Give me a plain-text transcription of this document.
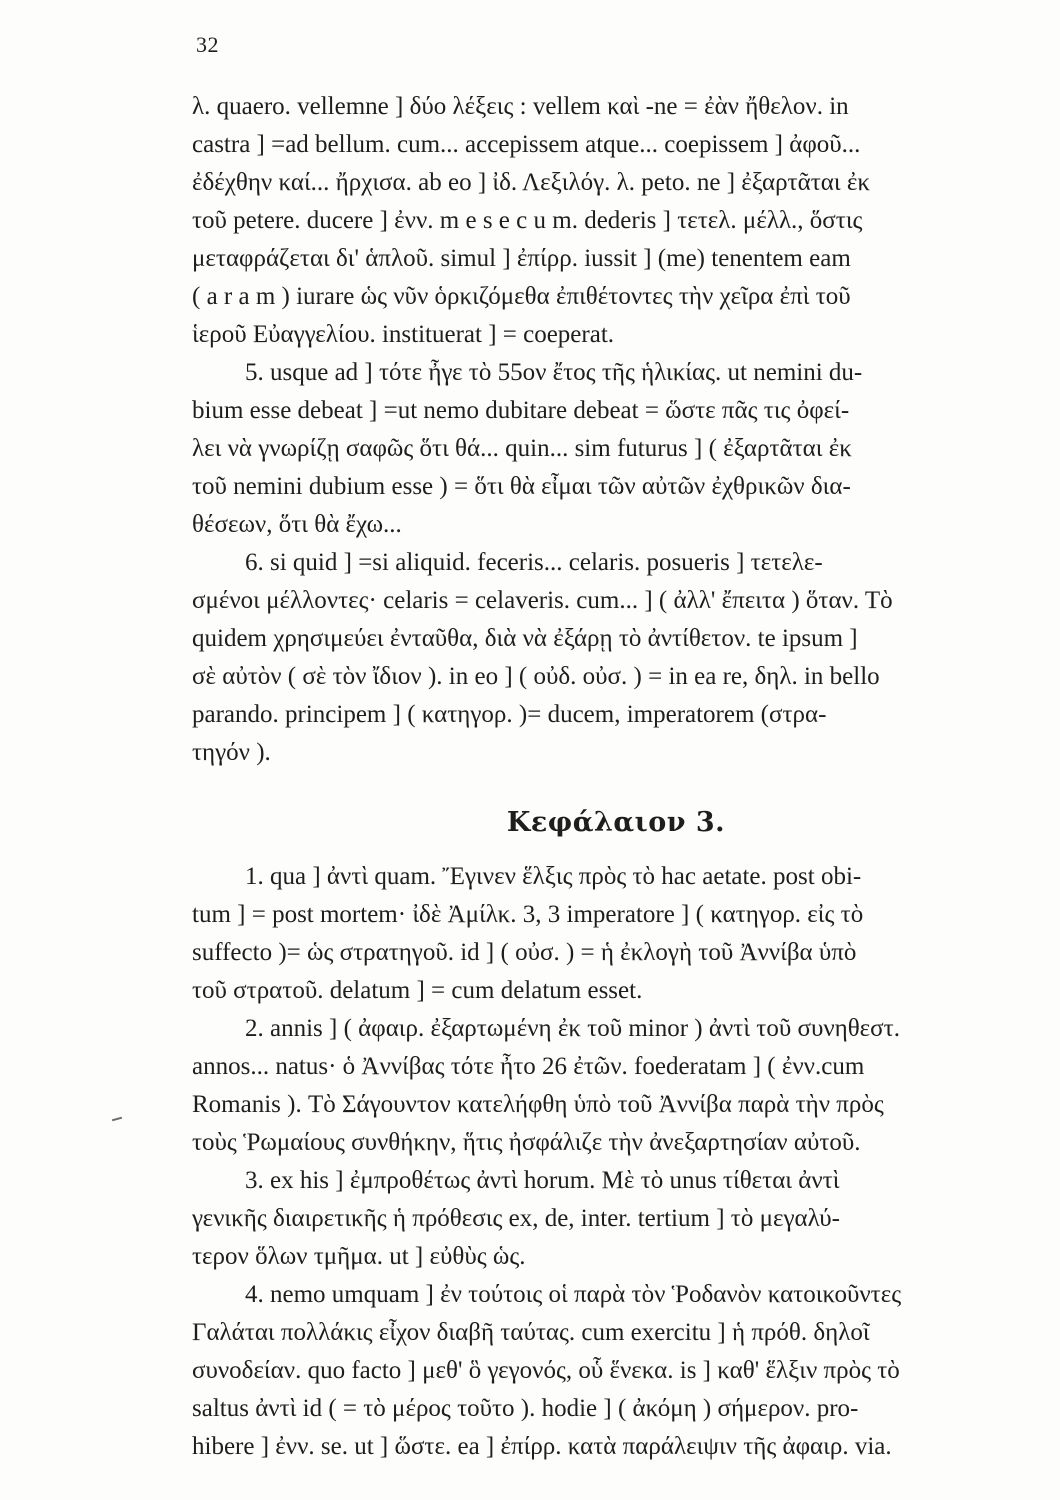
32
λ. quaero. vellemne ] δύο λέξεις : vellem καὶ -ne = ἐὰν ἤθελον. in
castra ] =ad bellum. cum... accepissem atque... coepissem ] ἀφοῦ...
ἐδέχθην καί... ἤρχισα. ab eo ] ἰδ. Λεξιλόγ. λ. peto. ne ] ἐξαρτᾶται ἐκ
τοῦ petere. ducere ] ἐνν. m e s e c u m. dederis ] τετελ. μέλλ., ὅστις
μεταφράζεται δι' ἁπλοῦ. simul ] ἐπίρρ. iussit ] (me) tenentem eam
( a r a m ) iurare ὡς νῦν ὁρκιζόμεθα ἐπιθέτοντες τὴν χεῖρα ἐπὶ τοῦ
ἱεροῦ Εὐαγγελίου. instituerat ] = coeperat.
5. usque ad ] τότε ἦγε τὸ 55ον ἔτος τῆς ἡλικίας. ut nemini du-
bium esse debeat ] =ut nemo dubitare debeat = ὥστε πᾶς τις ὀφεί-
λει νὰ γνωρίζῃ σαφῶς ὅτι θά... quin... sim futurus ] ( ἐξαρτᾶται ἐκ
τοῦ nemini dubium esse ) = ὅτι θὰ εἶμαι τῶν αὐτῶν ἐχθρικῶν δια-
θέσεων, ὅτι θὰ ἔχω...
6. si quid ] =si aliquid. feceris... celaris. posueris ] τετελε-
σμένοι μέλλοντες· celaris = celaveris. cum... ] ( ἀλλ' ἔπειτα ) ὅταν. Τὸ
quidem χρησιμεύει ἐνταῦθα, διὰ νὰ ἐξάρῃ τὸ ἀντίθετον. te ipsum ]
σὲ αὐτὸν ( σὲ τὸν ἴδιον ). in eo ] ( οὐδ. οὐσ. ) = in ea re, δηλ. in bello
parando. principem ] ( κατηγορ. )= ducem, imperatorem (στρα-
τηγόν ).
Κεφάλαιον 3.
1. qua ] ἀντὶ quam. Ἔγινεν ἕλξις πρὸς τὸ hac aetate. post obi-
tum ] = post mortem· ἰδὲ Ἀμίλκ. 3, 3 imperatore ] ( κατηγορ. εἰς τὸ
suffecto )= ὡς στρατηγοῦ. id ] ( οὐσ. ) = ἡ ἐκλογὴ τοῦ Ἀννίβα ὑπὸ
τοῦ στρατοῦ. delatum ] = cum delatum esset.
2. annis ] ( ἀφαιρ. ἐξαρτωμένη ἐκ τοῦ minor ) ἀντὶ τοῦ συνηθεστ.
annos... natus· ὁ Ἀννίβας τότε ἦτο 26 ἐτῶν. foederatam ] ( ἐνν.cum
Romanis ). Τὸ Σάγουντον κατελήφθη ὑπὸ τοῦ Ἀννίβα παρὰ τὴν πρὸς
τοὺς Ῥωμαίους συνθήκην, ἥτις ἠσφάλιζε τὴν ἀνεξαρτησίαν αὐτοῦ.
3. ex his ] ἐμπροθέτως ἀντὶ horum. Μὲ τὸ unus τίθεται ἀντὶ
γενικῆς διαιρετικῆς ἡ πρόθεσις ex, de, inter. tertium ] τὸ μεγαλύ-
τερον ὅλων τμῆμα. ut ] εὐθὺς ὡς.
4. nemo umquam ] ἐν τούτοις οἱ παρὰ τὸν Ῥοδανὸν κατοικοῦντες
Γαλάται πολλάκις εἶχον διαβῆ ταύτας. cum exercitu ] ἡ πρόθ. δηλοῖ
συνοδείαν. quo facto ] μεθ' ὃ γεγονός, οὗ ἕνεκα. is ] καθ' ἕλξιν πρὸς τὸ
saltus ἀντὶ id ( = τὸ μέρος τοῦτο ). hodie ] ( ἀκόμη ) σήμερον. pro-
hibere ] ἐνν. se. ut ] ὥστε. ea ] ἐπίρρ. κατὰ παράλειψιν τῆς ἀφαιρ. via.
